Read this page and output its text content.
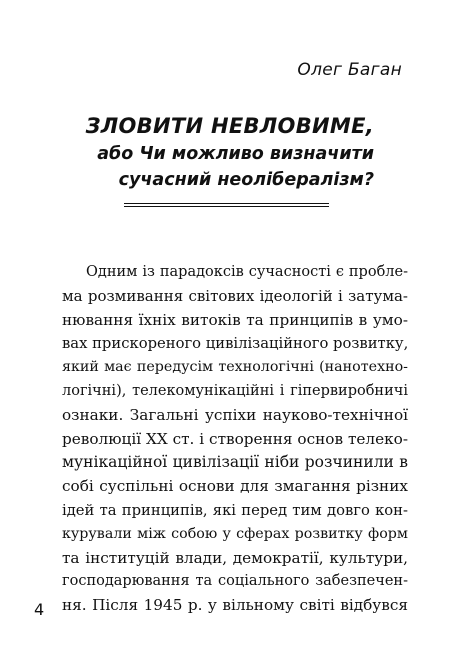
Олег Баган

ЗЛОВИТИ НЕВЛОВИМЕ,
або Чи можливо визначити
сучасний неолібералізм?
Одним із парадоксів сучасності є пробле-
ма розмивання світових ідеологій і затума-
нювання їхніх витоків та принципів в умо-
вах прискореного цивілізаційного розвитку,
який має передусім технологічні (нанотехно-
логічні), телекомунікаційні і гіпервиробничі
ознаки. Загальні успіхи науково-технічної
революції XX ст. і створення основ телеко-
мунікаційної цивілізації ніби розчинили в
собі суспільні основи для змагання різних
ідей та принципів, які перед тим довго кон-
курували між собою у сферах розвитку форм
та інституцій влади, демократії, культури,
господарювання та соціального забезпечен-
ня. Після 1945 р. у вільному світі відбувся

4
